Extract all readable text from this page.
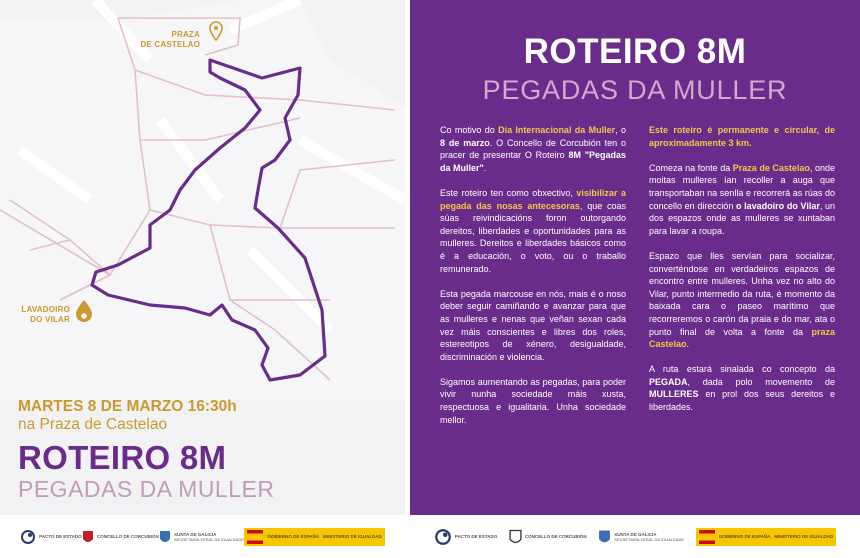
PRAZA
DE CASTELAO
LAVADOIRO
DO VILAR
MARTES 8 DE MARZO 16:30h
na Praza de Castelao
ROTEIRO 8M
PEGADAS DA MULLER
PACTO DE ESTADO	CONCELLO DE CORCUBIÓN	XUNTA DE GALICIA
SECRETARÍA XERAL DA IGUALDADE	GOBIERNO DE ESPAÑA MINISTERIO DE IGUALDAD
ROTEIRO 8M
PEGADAS DA MULLER

Co motivo do Día Internacional da Muller, o 8 de marzo. O Concello de Corcubión ten o pracer de presentar O Roteiro 8M "Pegadas da Muller".

Este roteiro ten como obxectivo, visibilizar a pegada das nosas antecesoras, que coas súas reivindicacións foron outorgando dereitos, liberdades e oportunidades para as mulleres. Dereitos e liberdades básicos como é a educación, o voto, ou o traballo remunerado.

Esta pegada marcouse en nós, mais é o noso deber seguir camiñando e avanzar para que as mulleres e nenas que veñan sexan cada vez máis conscientes e libres dos roles, estereotipos de xénero, desigualdade, discriminación e violencia.

Sigamos aumentando as pegadas, para poder vivir nunha sociedade máis xusta, respectuosa e igualitaria. Unha sociedade mellor.

Este roteiro é permanente e circular, de aproximadamente 3 km.

Comeza na fonte da Praza de Castelao, onde moitas mulleres ían recoller a auga que transportaban na senlla e recorrerá as rúas do concello en dirección o lavadoiro do Vilar, un dos espazos onde as mulleres se xuntaban para lavar a roupa.

Espazo que lles servían para socializar, converténdose en verdadeiros espazos de encontro entre mulleres. Unha vez no alto do Vilar, punto intermedio da ruta, é momento da baixada cara o paseo marítimo que recorreremos o carón da praia e do mar, ata o punto final de volta a fonte da praza Castelao.

A ruta estará sinalada co concepto da PEGADA, dada polo movemento de MULLERES en prol dos seus dereitos e liberdades.

PACTO DE ESTADO	CONCELLO DE CORCUBIÓN	XUNTA DE GALICIA
SECRETARÍA XERAL DA IGUALDADE	GOBIERNO DE ESPAÑA MINISTERIO DE IGUALDAD
